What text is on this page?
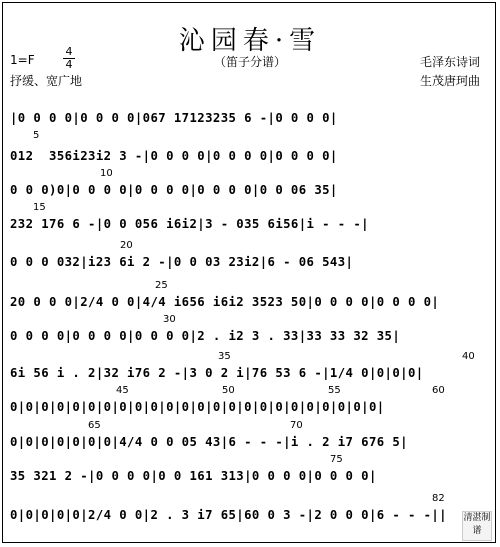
沁园春·雪
（笛子分谱）
1=F
4
4
抒缓、宽广地
毛泽东诗词
生茂唐珂曲
|0 0 0 0|0 0 0 0|067 17123235 6 -|0 0 0 0|
012  356i23i2 3 -|0 0 0 0|0 0 0 0|0 0 0 0|
0 0 0)0|0 0 0 0|0 0 0 0|0 0 0 0|0 0 06 35|
232 176 6 -|0 0 056 i6i2|3 - 035 6i56|i - - -|
0 0 0 032|i23 6i 2 -|0 0 03 23i2|6 - 06 543|
20 0 0 0|2/4 0 0|4/4 i656 i6i2 3523 50|0 0 0 0|0 0 0 0|
0 0 0 0|0 0 0 0|0 0 0 0|2 . i2 3 . 33|33 33 32 35|
6i 56 i . 2|32 i76 2 -|3 0 2 i|76 53 6 -|1/4 0|0|0|0|
0|0|0|0|0|0|0|0|0|0|0|0|0|0|0|0|0|0|0|0|0|0|0|0|
0|0|0|0|0|0|0|4/4 0 0 05 43|6 - - -|i . 2 i7 676 5|
35 321 2 -|0 0 0 0|0 0 161 313|0 0 0 0|0 0 0 0|
0|0|0|0|0|2/4 0 0|2 . 3 i7 65|60 0 3 -|2 0 0 0|6 - - -||
5
10
15
20
25
30
35	40
45	50	55	60
65	70
75
82
清湛制谱
